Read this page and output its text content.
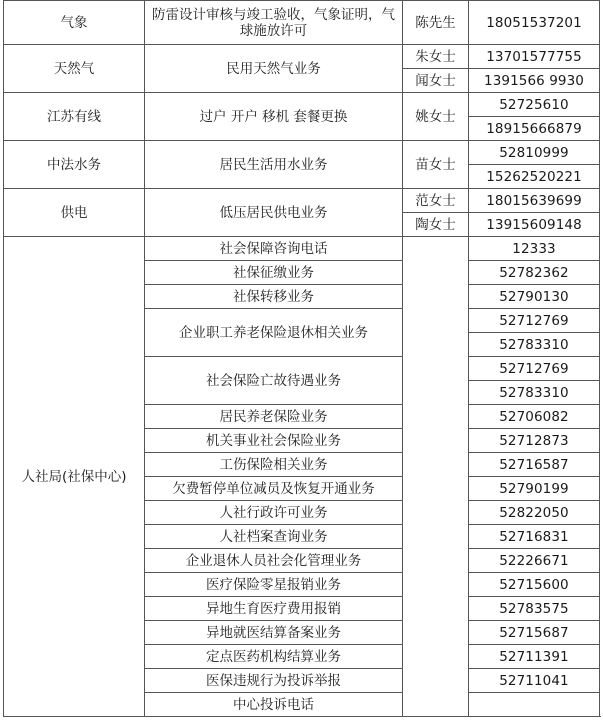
气象	防雷设计审核与竣工验收，气象证明，气球施放许可	陈先生	18051537201	
天然气	民用天然气业务	朱女士	13701577755	
		闻女士	1391566 9930	
江苏有线	过户 开户 移机 套餐更换	姚女士	52725610	
			18915666879	
中法水务	居民生活用水业务	苗女士	52810999	
			15262520221	
供电	低压居民供电业务	范女士	18015639699	
		陶女士	13915609148	
人社局(社保中心)	社会保障咨询电话		12333	
	社保征缴业务		52782362	
	社保转移业务		52790130	
	企业职工养老保险退休相关业务		52712769	
			52783310	
	社会保险亡故待遇业务		52712769	
			52783310	
	居民养老保险业务		52706082	
	机关事业社会保险业务		52712873	
	工伤保险相关业务		52716587	
	欠费暂停单位减员及恢复开通业务		52790199	
	人社行政许可业务		52822050	
	人社档案查询业务		52716831	
	企业退休人员社会化管理业务		52226671	
	医疗保险零星报销业务		52715600	
	异地生育医疗费用报销		52783575	
	异地就医结算备案业务		52715687	
	定点医药机构结算业务		52711391	
	医保违规行为投诉举报		52711041	
	中心投诉电话		
